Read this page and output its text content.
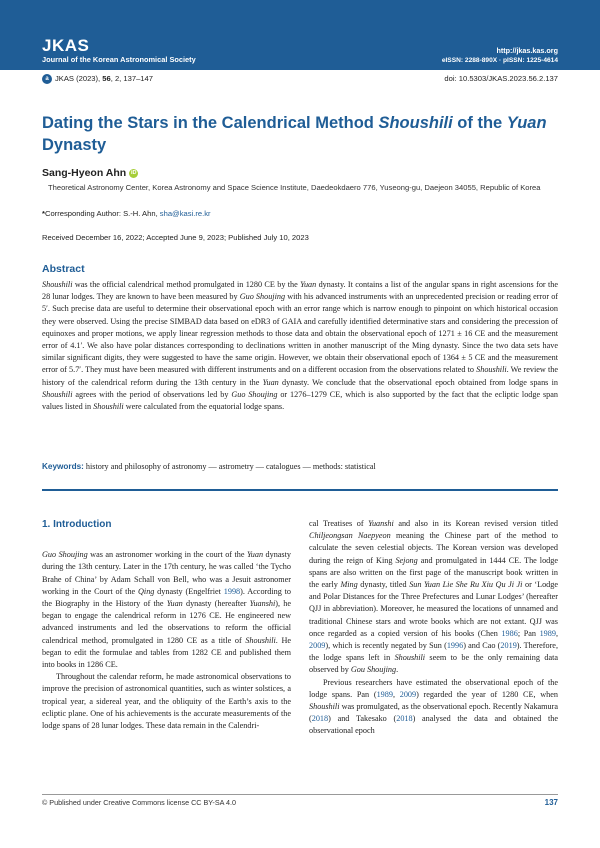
JKAS
Journal of the Korean Astronomical Society
http://jkas.kas.org
eISSN: 2288-890X · pISSN: 1225-4614
a JKAS (2023), 56, 2, 137–147	doi: 10.5303/JKAS.2023.56.2.137
Dating the Stars in the Calendrical Method Shoushili of the Yuan Dynasty
Sang-Hyeon Ahn iD
Theoretical Astronomy Center, Korea Astronomy and Space Science Institute, Daedeokdaero 776, Yuseong-gu, Daejeon 34055, Republic of Korea
*Corresponding Author: S.-H. Ahn, sha@kasi.re.kr
Received December 16, 2022; Accepted June 9, 2023; Published July 10, 2023
Abstract

Shoushili was the official calendrical method promulgated in 1280 CE by the Yuan dynasty. It contains a list of the angular spans in right ascensions for the 28 lunar lodges. They are known to have been measured by Guo Shoujing with his advanced instruments with an unprecedented precision or reading error of 5′. Such precise data are useful to determine their observational epoch with an error range which is narrow enough to pinpoint on which historical occasion they were observed. Using the precise SIMBAD data based on eDR3 of GAIA and carefully identified determinative stars and considering the precession of equinoxes and proper motions, we apply linear regression methods to those data and obtain the observational epoch of 1271 ± 16 CE and the measurement error of 4.1′. We also have polar distances corresponding to declinations written in another manuscript of the Ming dynasty. Since the two data sets have similar significant digits, they were suggested to have the same origin. However, we obtain their observational epoch of 1364 ± 5 CE and the measurement error of 5.7′. They must have been measured with different instruments and on a different occasion from the observations related to Shoushili. We review the history of the calendrical reform during the 13th century in the Yuan dynasty. We conclude that the observational epoch obtained from lodge spans in Shoushili agrees with the period of observations led by Guo Shoujing or 1276–1279 CE, which is also supported by the fact that the ecliptic lodge span values listed in Shoushili were calculated from the equatorial lodge spans.

Keywords: history and philosophy of astronomy — astrometry — catalogues — methods: statistical
1. Introduction

Guo Shoujing was an astronomer working in the court of the Yuan dynasty during the 13th century. Later in the 17th century, he was called ‘the Tycho Brahe of China’ by Adam Schall von Bell, who was a Jesuit astronomer working in the Court of the Qing dynasty (Engelfriet 1998). According to the Biography in the History of the Yuan dynasty (hereafter Yuanshi), he began to engage the calendrical reform in 1276 CE. He engineered new advanced instruments and led the observations to reform the official calendrical method, promulgated in 1280 CE as a title of Shoushili. He began to edit the formulae and tables from 1282 CE and published them into books in 1286 CE.

Throughout the calendar reform, he made astronomical observations to improve the precision of astronomical quantities, such as winter solstices, a tropical year, a sidereal year, and the obliquity of the Earth’s axis to the ecliptic plane. One of his achievements is the accurate measurements of the lodge spans of 28 lunar lodges. These data remain in the Calendri-

cal Treatises of Yuanshi and also in its Korean revised version titled Chiljeongsan Naepyeon meaning the Chinese part of the method to calculate the seven celestial objects. The Korean version was developed during the reign of King Sejong and promulgated in 1444 CE. The lodge spans are also written on the first page of the manuscript book written in the early Ming dynasty, titled Sun Yuan Lie She Ru Xiu Qu Ji Ji or ‘Lodge and Polar Distances for the Three Prefectures and Lunar Lodges’ (hereafter QJJ in abbreviation). Moreover, he measured the locations of unnamed and traditional Chinese stars and wrote books which are not extant. QJJ was once regarded as a copied version of his books (Chen 1986; Pan 1989, 2009), which is recently negated by Sun (1996) and Cao (2019). Therefore, the lodge spans left in Shoushili seem to be the only remaining data observed by Gou Shoujing.

Previous researchers have estimated the observational epoch of the lodge spans. Pan (1989, 2009) regarded the year of 1280 CE, when Shoushili was promulgated, as the observational epoch. Recently Nakamura (2018) and Takesako (2018) analysed the data and obtained the observational epoch

© Published under Creative Commons license CC BY-SA 4.0	137
